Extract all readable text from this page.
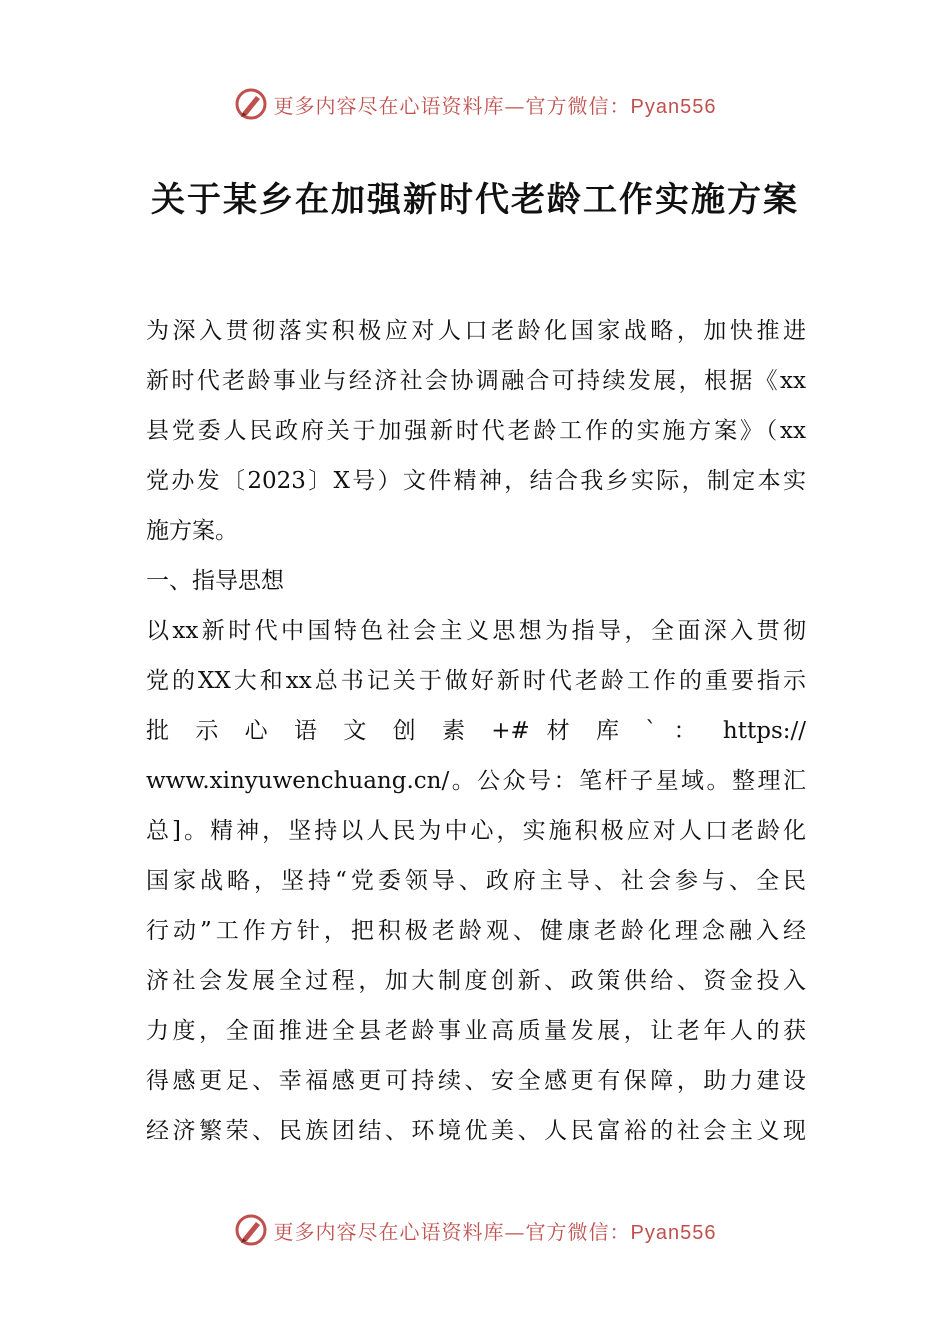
更多内容尽在心语资料库—官方微信：Pyan556
关于某乡在加强新时代老龄工作实施方案
为深入贯彻落实积极应对人口老龄化国家战略，加快推进
新时代老龄事业与经济社会协调融合可持续发展，根据《xx
县党委人民政府关于加强新时代老龄工作的实施方案》（xx
党办发〔2023〕X号）文件精神，结合我乡实际，制定本实
施方案。
一、指导思想
以xx新时代中国特色社会主义思想为指导，全面深入贯彻
党的XX大和xx总书记关于做好新时代老龄工作的重要指示
批 示 心 语 文 创 素 +# 材 库 ` ： https://
www.xinyuwenchuang.cn/。公众号：笔杆子星域。整理汇
总]。精神，坚持以人民为中心，实施积极应对人口老龄化
国家战略，坚持“党委领导、政府主导、社会参与、全民
行动”工作方针，把积极老龄观、健康老龄化理念融入经
济社会发展全过程，加大制度创新、政策供给、资金投入
力度，全面推进全县老龄事业高质量发展，让老年人的获
得感更足、幸福感更可持续、安全感更有保障，助力建设
经济繁荣、民族团结、环境优美、人民富裕的社会主义现
更多内容尽在心语资料库—官方微信：Pyan556
